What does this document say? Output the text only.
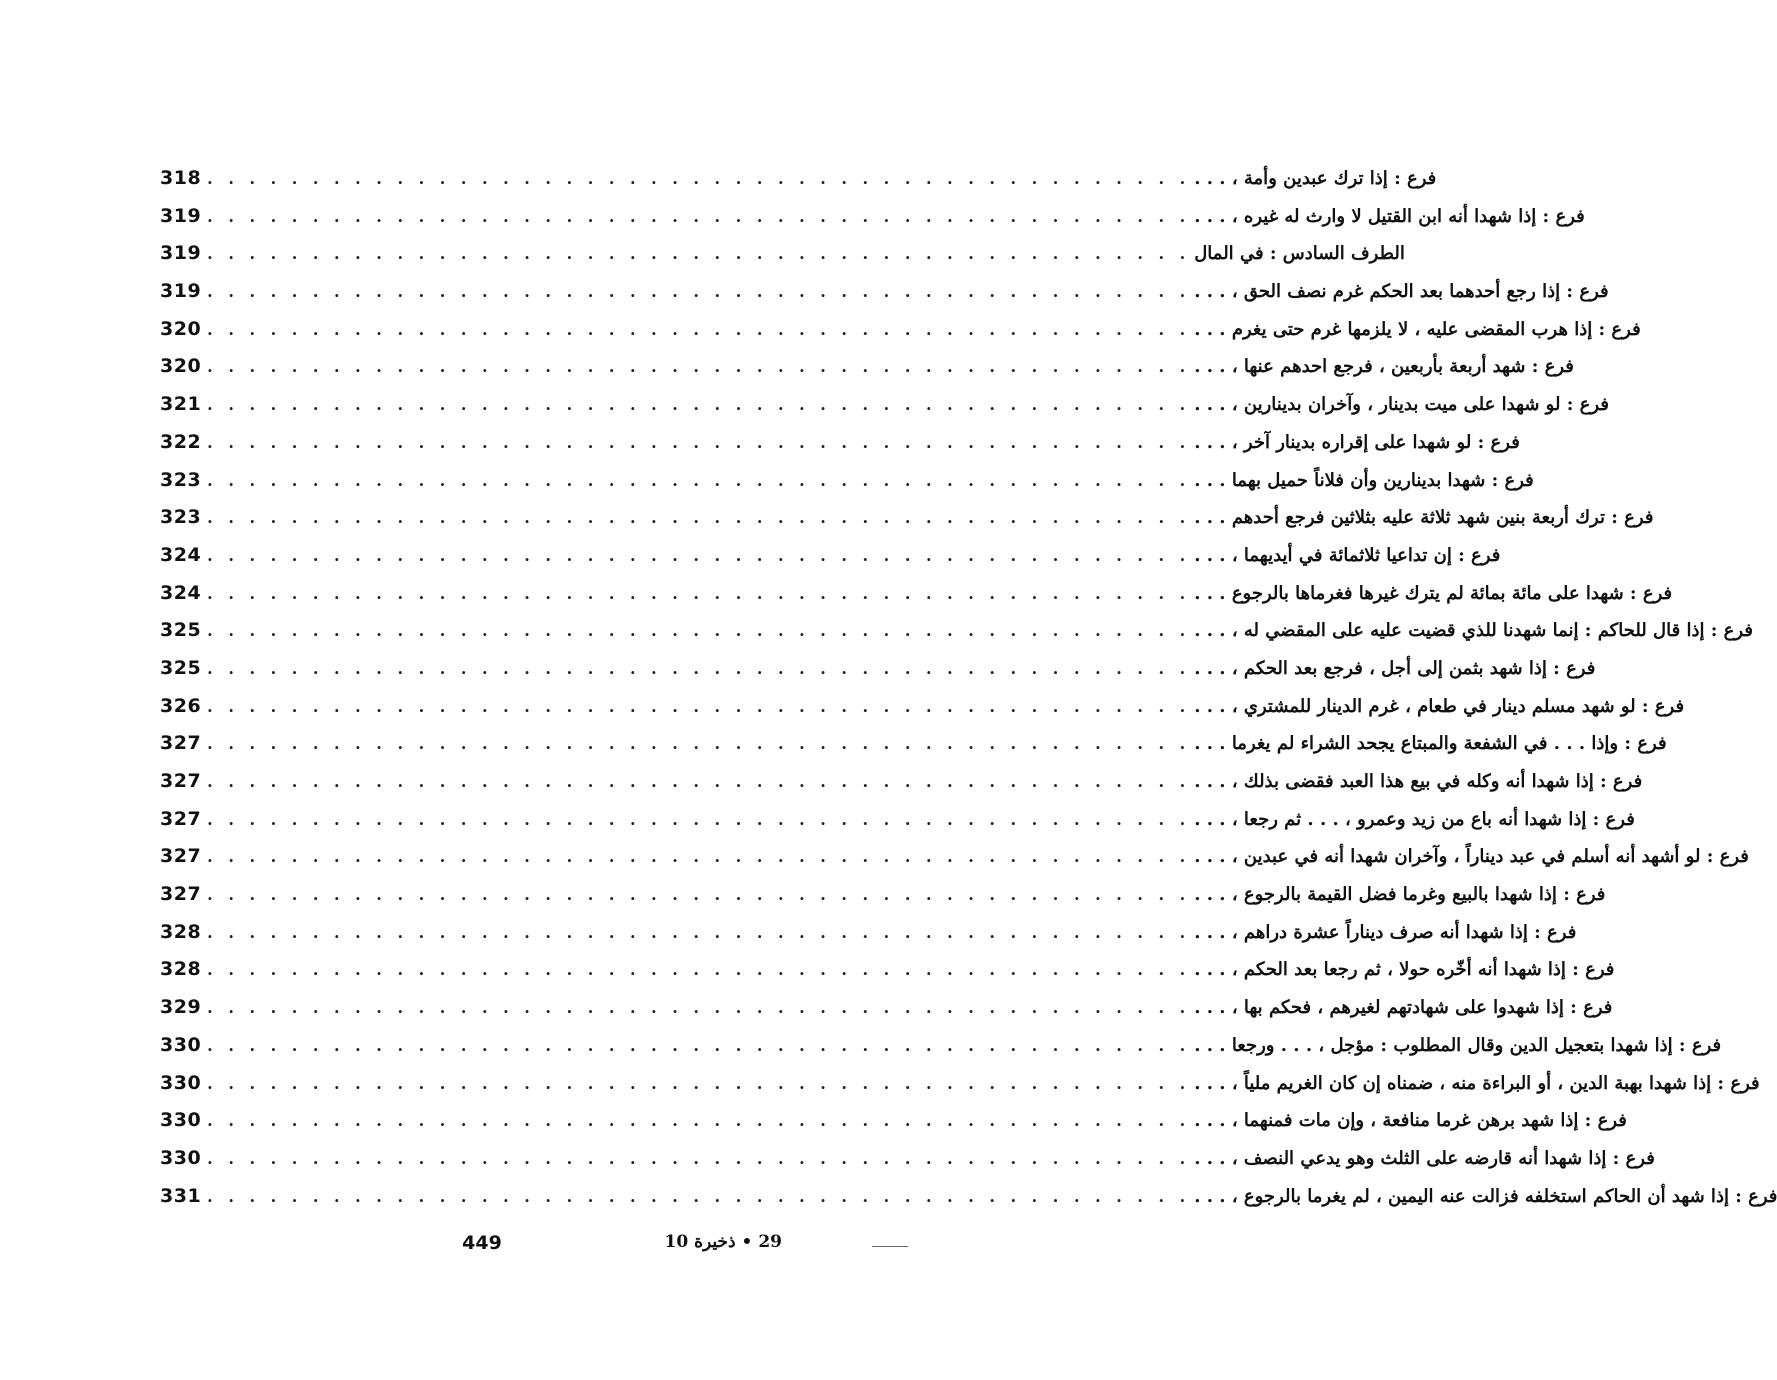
318 . . . . . . . . . . . . . . . . . . . . . . . . . . . . . . . . . . . . . . . . . . . . . . . فرع : إذا ترك عبدين وأمة ، . . .
319 . . . . . . . . . . . . . . . . . . . . . . . . . . . . . . . . . . . . . . . . . . . . . . . فرع : إذا شهدا أنه ابن القتيل لا وارث له غيره ، . . .
319 . . . . . . . . . . . . . . . . . . . . . . . . . . . . . . . . . . . . . . . . . . . . . . . الطرف السادس : في المال
319 . . . . . . . . . . . . . . . . . . . . . . . . . . . . . . . . . . . . . . . . . . . . . . . فرع : إذا رجع أحدهما بعد الحكم غرم نصف الحق ، . . .
320 . . . . . . . . . . . . . . . . . . . . . . . . . . . . . . . . . . . . . . . . . . . . . . . فرع : إذا هرب المقضى عليه ، لا يلزمها غرم حتى يغرم . . .
320 . . . . . . . . . . . . . . . . . . . . . . . . . . . . . . . . . . . . . . . . . . . . . . . فرع : شهد أربعة بأربعين ، فرجع احدهم عنها ، . . .
321 . . . . . . . . . . . . . . . . . . . . . . . . . . . . . . . . . . . . . . . . . . . . . . . فرع : لو شهدا على ميت بدينار ، وآخران بدينارين ، . . .
322 . . . . . . . . . . . . . . . . . . . . . . . . . . . . . . . . . . . . . . . . . . . . . . . فرع : لو شهدا على إقراره بدينار آخر ، . . .
323 . . . . . . . . . . . . . . . . . . . . . . . . . . . . . . . . . . . . . . . . . . . . . . . فرع : شهدا بدينارين وأن فلاناً حميل بهما . . .
323 . . . . . . . . . . . . . . . . . . . . . . . . . . . . . . . . . . . . . . . . . . . . . . . فرع : ترك أربعة بنين شهد ثلاثة عليه بثلاثين فرجع أحدهم . . .
324 . . . . . . . . . . . . . . . . . . . . . . . . . . . . . . . . . . . . . . . . . . . . . . . فرع : إن تداعيا ثلاثمائة في أيديهما ، . . .
324 . . . . . . . . . . . . . . . . . . . . . . . . . . . . . . . . . . . . . . . . . . . . . . . فرع : شهدا على مائة بمائة لم يترك غيرها فغرماها بالرجوع . . .
325 . . . . . . . . . . . . . . . . . . . . . . . . . . . . . . . . . . . . . . . . . . . . . . . فرع : إذا قال للحاكم : إنما شهدنا للذي قضيت عليه على المقضي له ، . . .
325 . . . . . . . . . . . . . . . . . . . . . . . . . . . . . . . . . . . . . . . . . . . . . . . فرع : إذا شهد بثمن إلى أجل ، فرجع بعد الحكم ، . . .
326 . . . . . . . . . . . . . . . . . . . . . . . . . . . . . . . . . . . . . . . . . . . . . . . فرع : لو شهد مسلم دينار في طعام ، غرم الدينار للمشتري ، . . .
327 . . . . . . . . . . . . . . . . . . . . . . . . . . . . . . . . . . . . . . . . . . . . . . . فرع : وإذا . . . في الشفعة والمبتاع يجحد الشراء لم يغرما . . .
327 . . . . . . . . . . . . . . . . . . . . . . . . . . . . . . . . . . . . . . . . . . . . . . . فرع : إذا شهدا أنه وكله في بيع هذا العبد فقضى بذلك ، . . .
327 . . . . . . . . . . . . . . . . . . . . . . . . . . . . . . . . . . . . . . . . . . . . . . . فرع : إذا شهدا أنه باع من زيد وعمرو ، . . . ثم رجعا ، . . .
327 . . . . . . . . . . . . . . . . . . . . . . . . . . . . . . . . . . . . . . . . . . . . . . . فرع : لو أشهد أنه أسلم في عبد ديناراً ، وآخران شهدا أنه في عبدين ، . . .
327 . . . . . . . . . . . . . . . . . . . . . . . . . . . . . . . . . . . . . . . . . . . . . . . فرع : إذا شهدا بالبيع وغرما فضل القيمة بالرجوع ، . . .
328 . . . . . . . . . . . . . . . . . . . . . . . . . . . . . . . . . . . . . . . . . . . . . . . فرع : إذا شهدا أنه صرف ديناراً عشرة دراهم ، . . .
328 . . . . . . . . . . . . . . . . . . . . . . . . . . . . . . . . . . . . . . . . . . . . . . . فرع : إذا شهدا أنه أخّره حولا ، ثم رجعا بعد الحكم ، . . .
329 . . . . . . . . . . . . . . . . . . . . . . . . . . . . . . . . . . . . . . . . . . . . . . . فرع : إذا شهدوا على شهادتهم لغيرهم ، فحكم بها ، . . .
330 . . . . . . . . . . . . . . . . . . . . . . . . . . . . . . . . . . . . . . . . . . . . . . . فرع : إذا شهدا بتعجيل الدين وقال المطلوب : مؤجل ، . . . ورجعا . . .
330 . . . . . . . . . . . . . . . . . . . . . . . . . . . . . . . . . . . . . . . . . . . . . . . فرع : إذا شهدا بهبة الدين ، أو البراءة منه ، ضمناه إن كان الغريم ملياً ، . . .
330 . . . . . . . . . . . . . . . . . . . . . . . . . . . . . . . . . . . . . . . . . . . . . . . فرع : إذا شهد برهن غرما منافعة ، وإن مات فمنهما ، . . .
330 . . . . . . . . . . . . . . . . . . . . . . . . . . . . . . . . . . . . . . . . . . . . . . . فرع : إذا شهدا أنه قارضه على الثلث وهو يدعي النصف ، . . .
331 . . . . . . . . . . . . . . . . . . . . . . . . . . . . . . . . . . . . . . . . . . . . . . . فرع : إذا شهد أن الحاكم استخلفه فزالت عنه اليمين ، لم يغرما بالرجوع ، . . .
449	29 • ذخيرة 10
